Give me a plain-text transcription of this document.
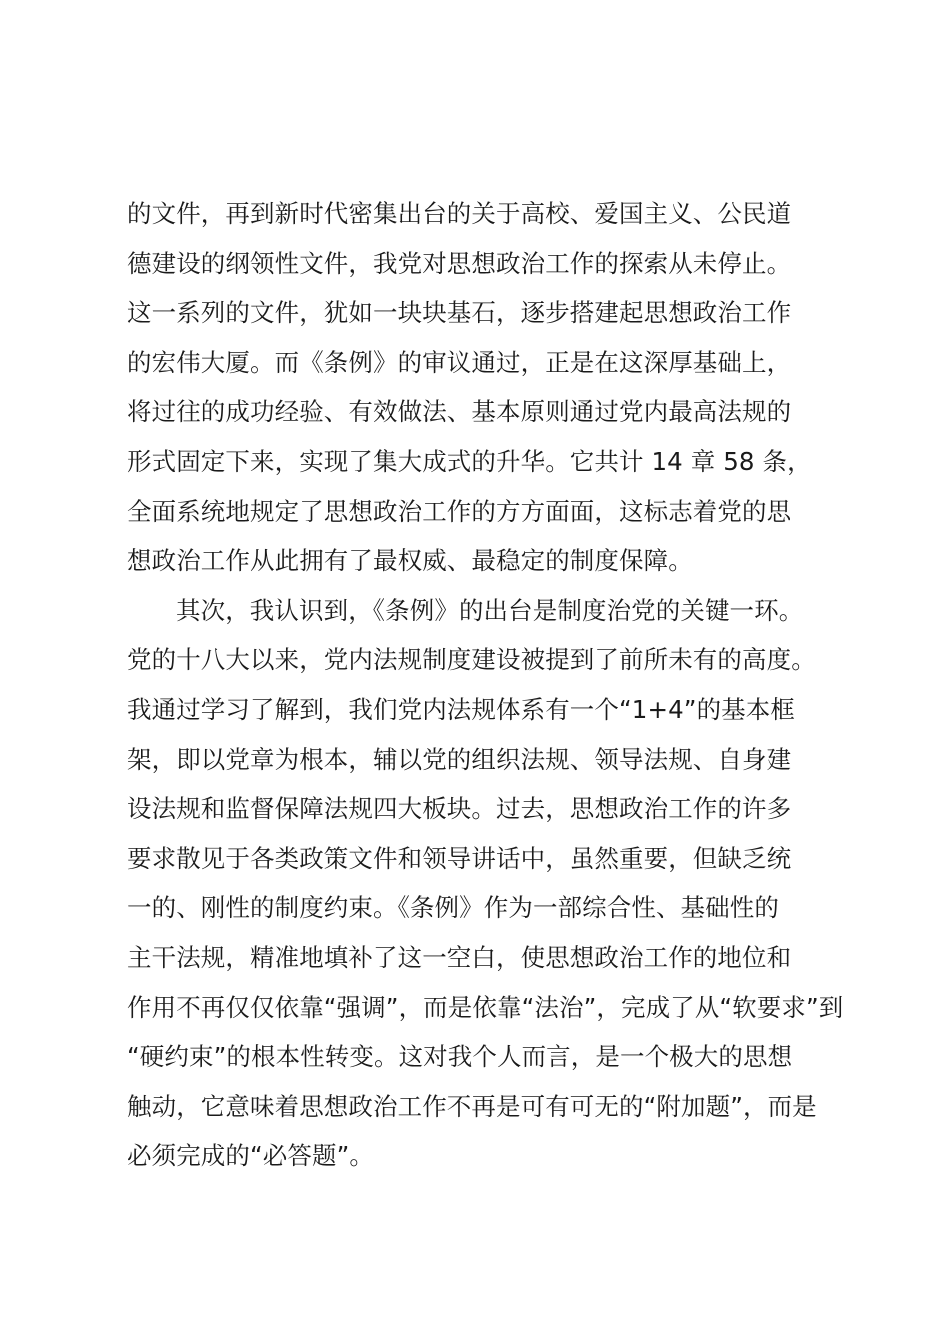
的文件，再到新时代密集出台的关于高校、爱国主义、公民道
德建设的纲领性文件，我党对思想政治工作的探索从未停止。
这一系列的文件，犹如一块块基石，逐步搭建起思想政治工作
的宏伟大厦。而《条例》的审议通过，正是在这深厚基础上，
将过往的成功经验、有效做法、基本原则通过党内最高法规的
形式固定下来，实现了集大成式的升华。它共计 14 章 58 条，
全面系统地规定了思想政治工作的方方面面，这标志着党的思
想政治工作从此拥有了最权威、最稳定的制度保障。
其次，我认识到，《条例》的出台是制度治党的关键一环。
党的十八大以来，党内法规制度建设被提到了前所未有的高度。
我通过学习了解到，我们党内法规体系有一个“1+4”的基本框
架，即以党章为根本，辅以党的组织法规、领导法规、自身建
设法规和监督保障法规四大板块。过去，思想政治工作的许多
要求散见于各类政策文件和领导讲话中，虽然重要，但缺乏统
一的、刚性的制度约束。《条例》作为一部综合性、基础性的
主干法规，精准地填补了这一空白，使思想政治工作的地位和
作用不再仅仅依靠“强调”，而是依靠“法治”，完成了从“软要求”到
“硬约束”的根本性转变。这对我个人而言，是一个极大的思想
触动，它意味着思想政治工作不再是可有可无的“附加题”，而是
必须完成的“必答题”。
